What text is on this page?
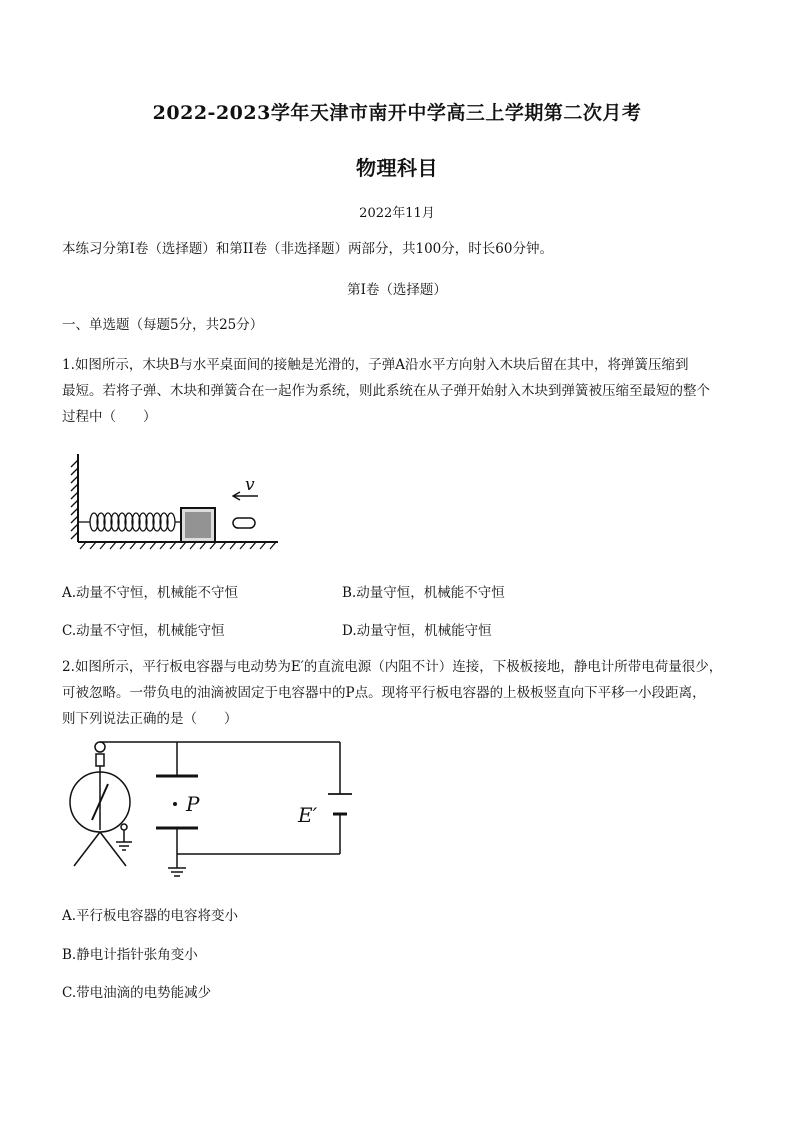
2022-2023学年天津市南开中学高三上学期第二次月考
物理科目
2022年11月
本练习分第I卷（选择题）和第II卷（非选择题）两部分，共100分，时长60分钟。
第I卷（选择题）
一、单选题（每题5分，共25分）
1.如图所示，木块B与水平桌面间的接触是光滑的，子弹A沿水平方向射入木块后留在其中，将弹簧压缩到
最短。若将子弹、木块和弹簧合在一起作为系统，则此系统在从子弹开始射入木块到弹簧被压缩至最短的整个
过程中（　　）
v
A.动量不守恒，机械能不守恒	B.动量守恒，机械能不守恒
C.动量不守恒，机械能守恒	D.动量守恒，机械能守恒
2.如图所示，平行板电容器与电动势为E′的直流电源（内阻不计）连接，下极板接地，静电计所带电荷量很少，
可被忽略。一带负电的油滴被固定于电容器中的P点。现将平行板电容器的上极板竖直向下平移一小段距离，
则下列说法正确的是（　　）
P	E′
A.平行板电容器的电容将变小
B.静电计指针张角变小
C.带电油滴的电势能减少
